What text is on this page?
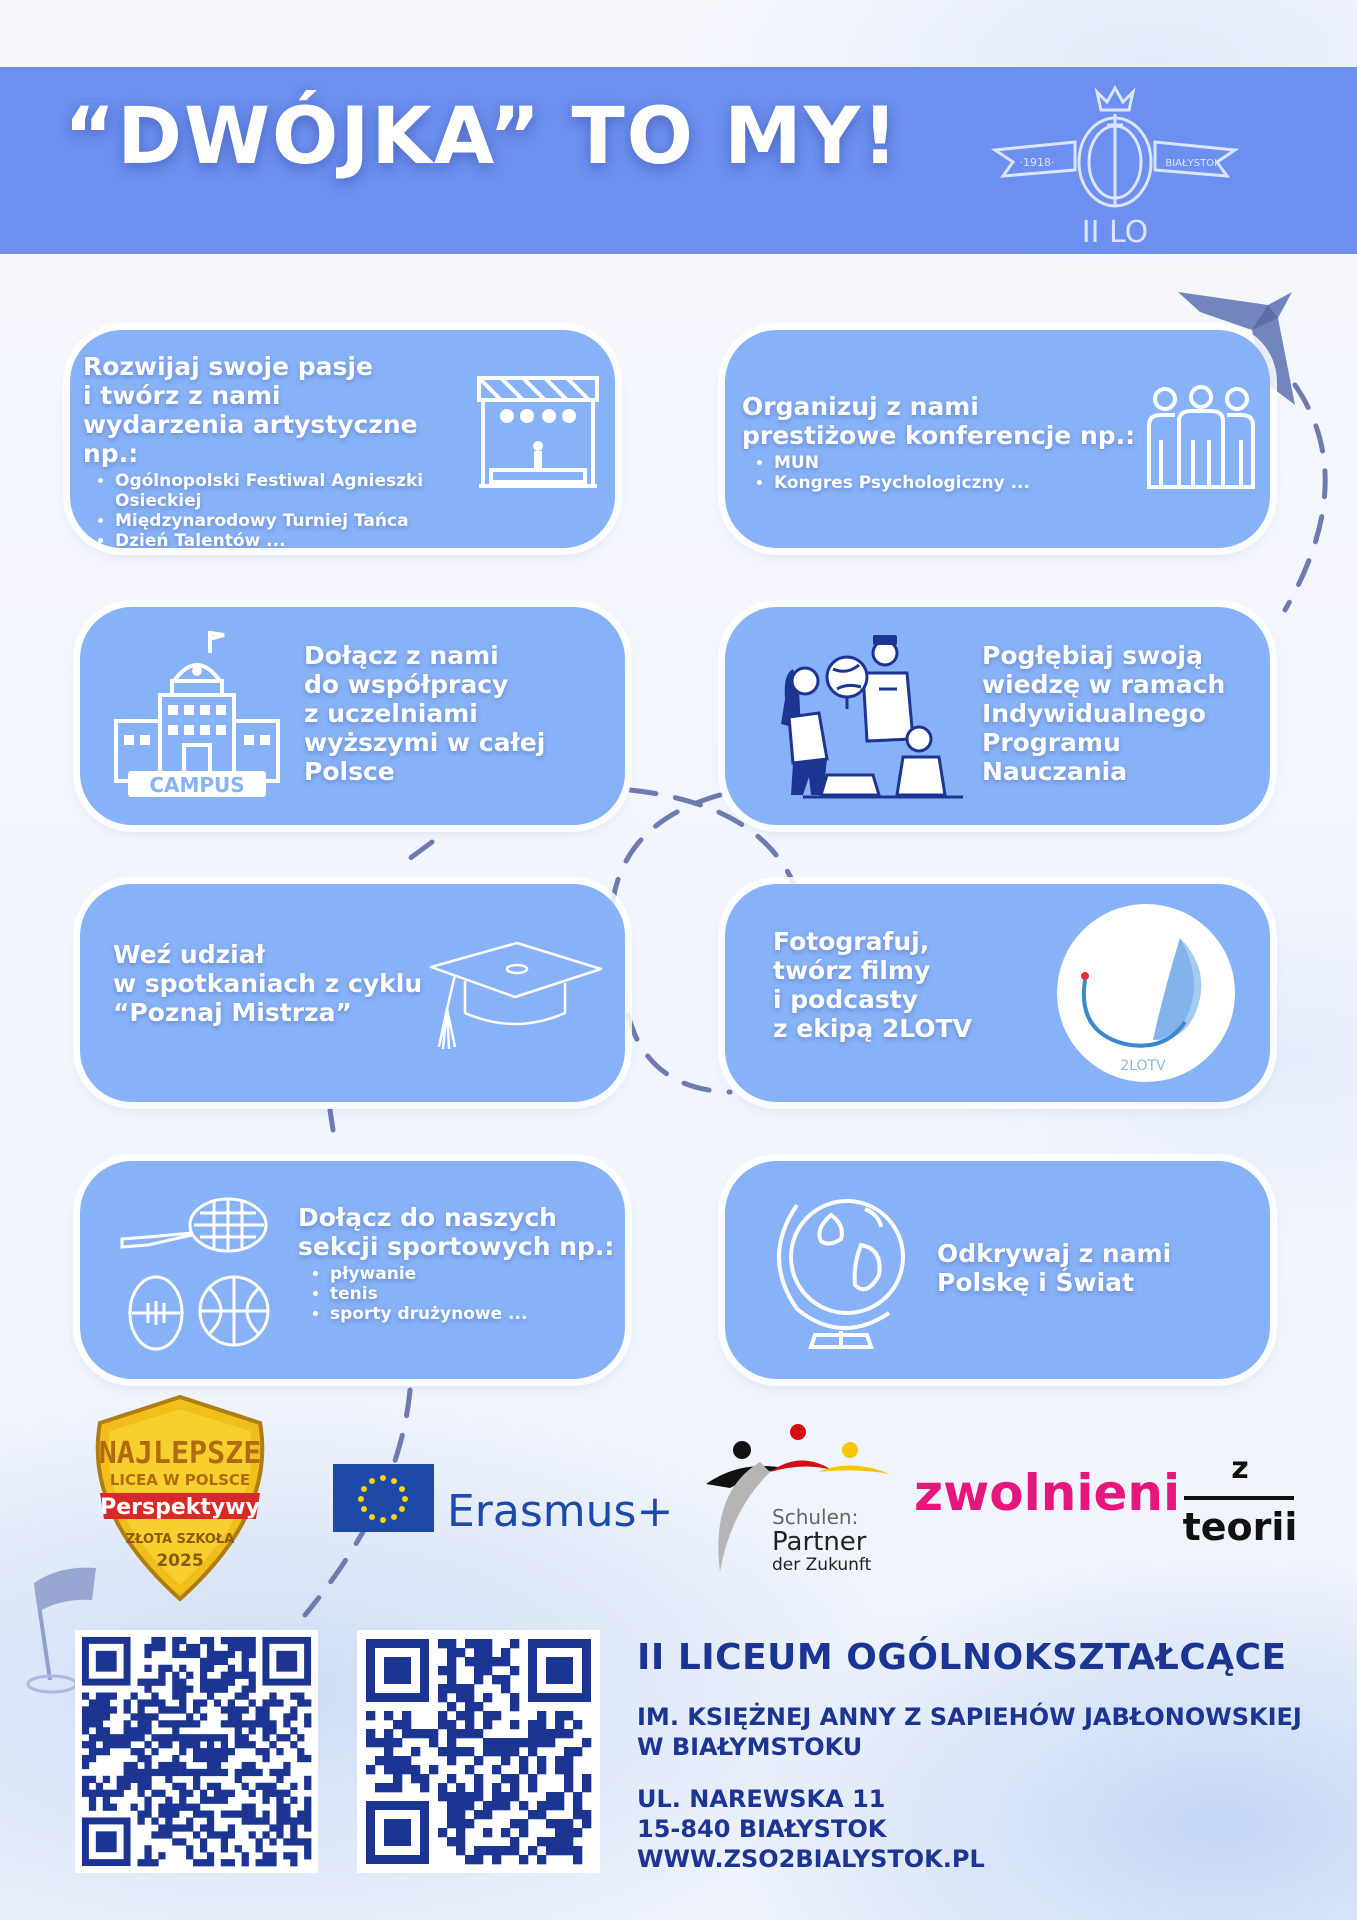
“DWÓJKA” TO MY!	·1918·	BIAŁYSTOK
II LO
Rozwijaj swoje pasje
i twórz z nami
wydarzenia artystyczne np.:
• Ogólnopolski Festiwal Agnieszki Osieckiej
• Międzynarodowy Turniej Tańca
• Dzień Talentów ...
Organizuj z nami
prestiżowe konferencje np.:
• MUN
• Kongres Psychologiczny ...
CAMPUS
Dołącz z nami
do współpracy
z uczelniami
wyższymi w całej
Polsce
Pogłębiaj swoją
wiedzę w ramach
Indywidualnego
Programu
Nauczania
Weź udział
w spotkaniach z cyklu
“Poznaj Mistrza”
Fotografuj,
twórz filmy
i podcasty
z ekipą 2LOTV
2LOTV
Dołącz do naszych
sekcji sportowych np.:
• pływanie
• tenis
• sporty drużynowe ...
Odkrywaj z nami
Polskę i Świat
NAJLEPSZE
LICEA W POLSCE
Perspektywy
ZŁOTA SZKOŁA
2025
Erasmus+	Schulen:
Partner
der Zukunft
zwolnieni z
teorii
II LICEUM OGÓLNOKSZTAŁCĄCE
IM. KSIĘŻNEJ ANNY Z SAPIEHÓW JABŁONOWSKIEJ
W BIAŁYMSTOKU
UL. NAREWSKA 11
15-840 BIAŁYSTOK
WWW.ZSO2BIALYSTOK.PL
